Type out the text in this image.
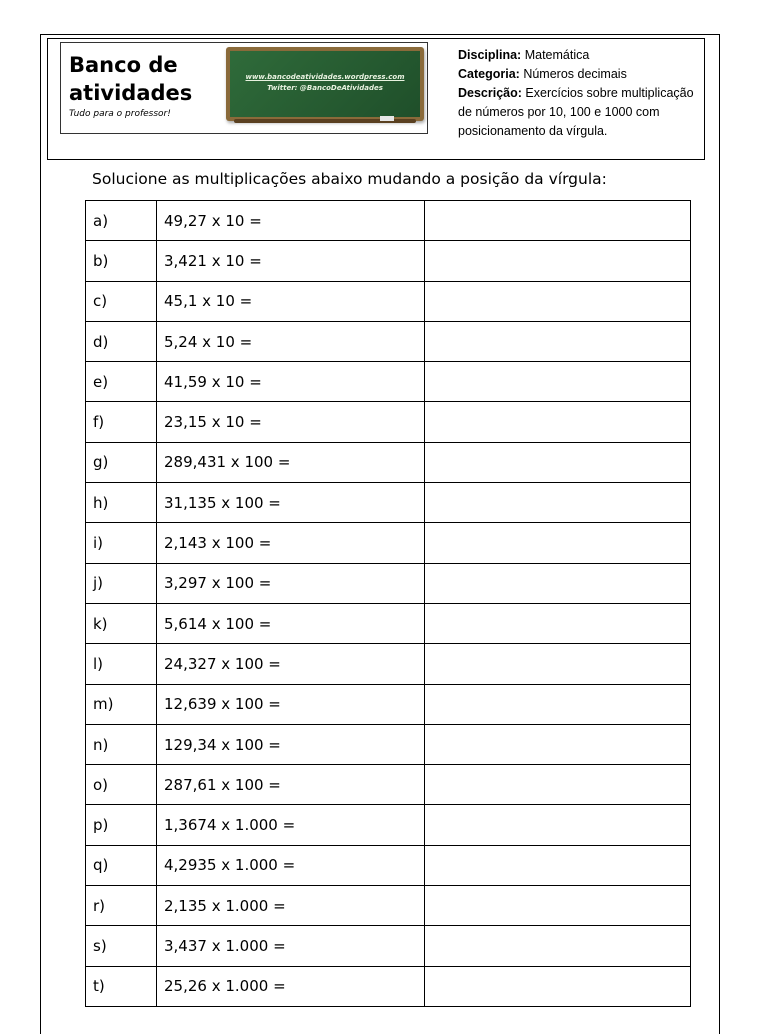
Banco de atividades
Tudo para o professor!
www.bancodeatividades.wordpress.com
Twitter: @BancoDeAtividades
Disciplina: Matemática
Categoria: Números decimais
Descrição: Exercícios sobre multiplicação de números por 10, 100 e 1000 com posicionamento da vírgula.
Solucione as multiplicações abaixo mudando a posição da vírgula:
a)	49,27 x 10 =	
b)	3,421 x 10 =	
c)	45,1 x 10 =	
d)	5,24 x 10 =	
e)	41,59 x 10 =	
f)	23,15 x 10 =	
g)	289,431 x 100 =	
h)	31,135 x 100 =	
i)	2,143 x 100 =	
j)	3,297 x 100 =	
k)	5,614 x 100 =	
l)	24,327 x 100 =	
m)	12,639 x 100 =	
n)	129,34 x 100 =	
o)	287,61 x 100 =	
p)	1,3674 x 1.000 =	
q)	4,2935 x 1.000 =	
r)	2,135 x 1.000 =	
s)	3,437 x 1.000 =	
t)	25,26 x 1.000 =	
